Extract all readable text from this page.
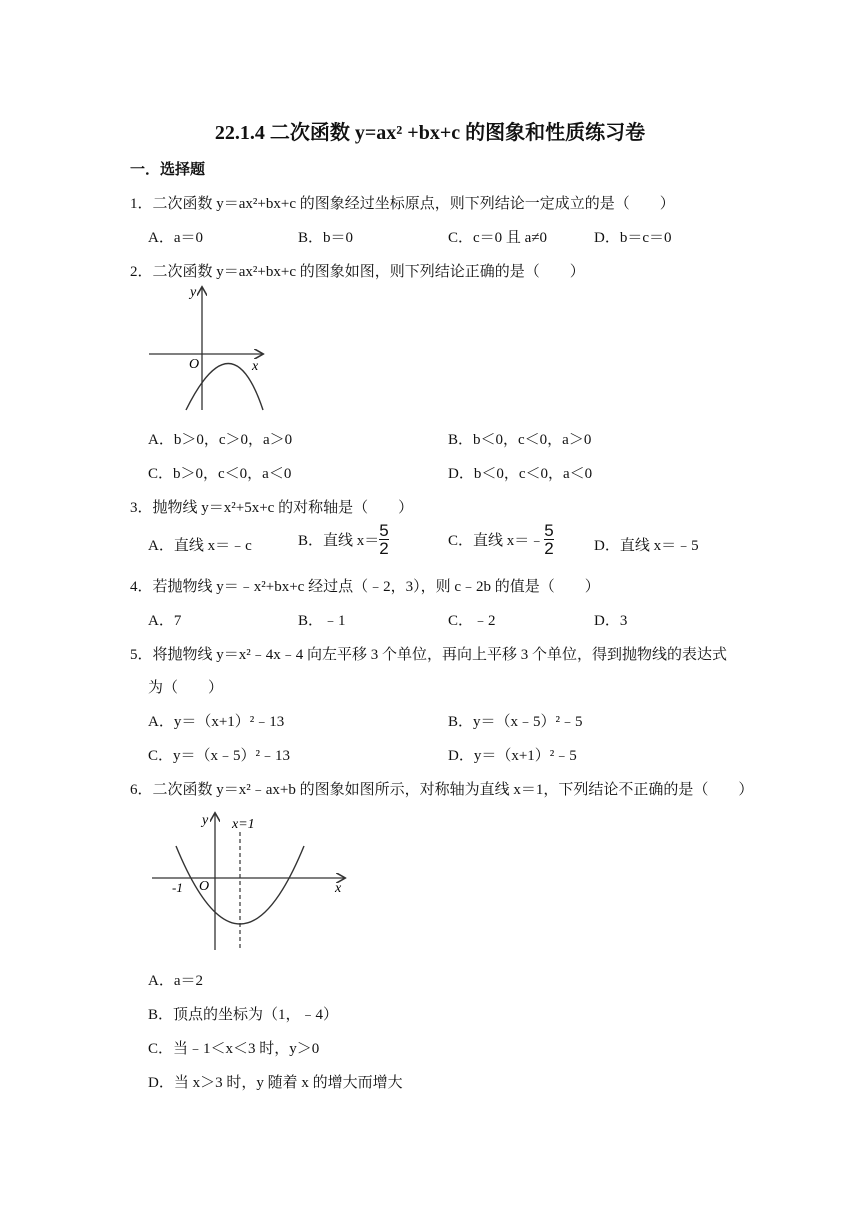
22.1.4 二次函数 y=ax² +bx+c 的图象和性质练习卷
一．选择题
1．二次函数 y＝ax²+bx+c 的图象经过坐标原点，则下列结论一定成立的是（　　）
A．a＝0	B．b＝0	C．c＝0 且 a≠0	D．b＝c＝0
2．二次函数 y＝ax²+bx+c 的图象如图，则下列结论正确的是（　　）
y
O	x
A．b＞0，c＞0，a＞0	B．b＜0，c＜0，a＞0
C．b＞0，c＜0，a＜0	D．b＜0，c＜0，a＜0
3．抛物线 y＝x²+5x+c 的对称轴是（　　）
A．直线 x＝﹣c	B．直线 $x= \frac{5}{2}$	C．直线 x＝﹣ $\frac{5}{2}$	D．直线 x＝﹣5
4．若抛物线 y＝﹣x²+bx+c 经过点（﹣2，3），则 c﹣2b 的值是（　　）
A．7	B．﹣1	C．﹣2	D．3
5．将抛物线 y＝x²﹣4x﹣4 向左平移 3 个单位，再向上平移 3 个单位，得到抛物线的表达式
为（　　）
A．y＝（x+1）²﹣13	B．y＝（x﹣5）²﹣5
C．y＝（x﹣5）²﹣13	D．y＝（x+1）²﹣5
6．二次函数 y＝x²﹣ax+b 的图象如图所示，对称轴为直线 x＝1，下列结论不正确的是（　　）
y x=1
-1 O	x
A．a＝2
B．顶点的坐标为（1，﹣4）
C．当﹣1＜x＜3 时，y＞0
D．当 x＞3 时，y 随着 x 的增大而增大
